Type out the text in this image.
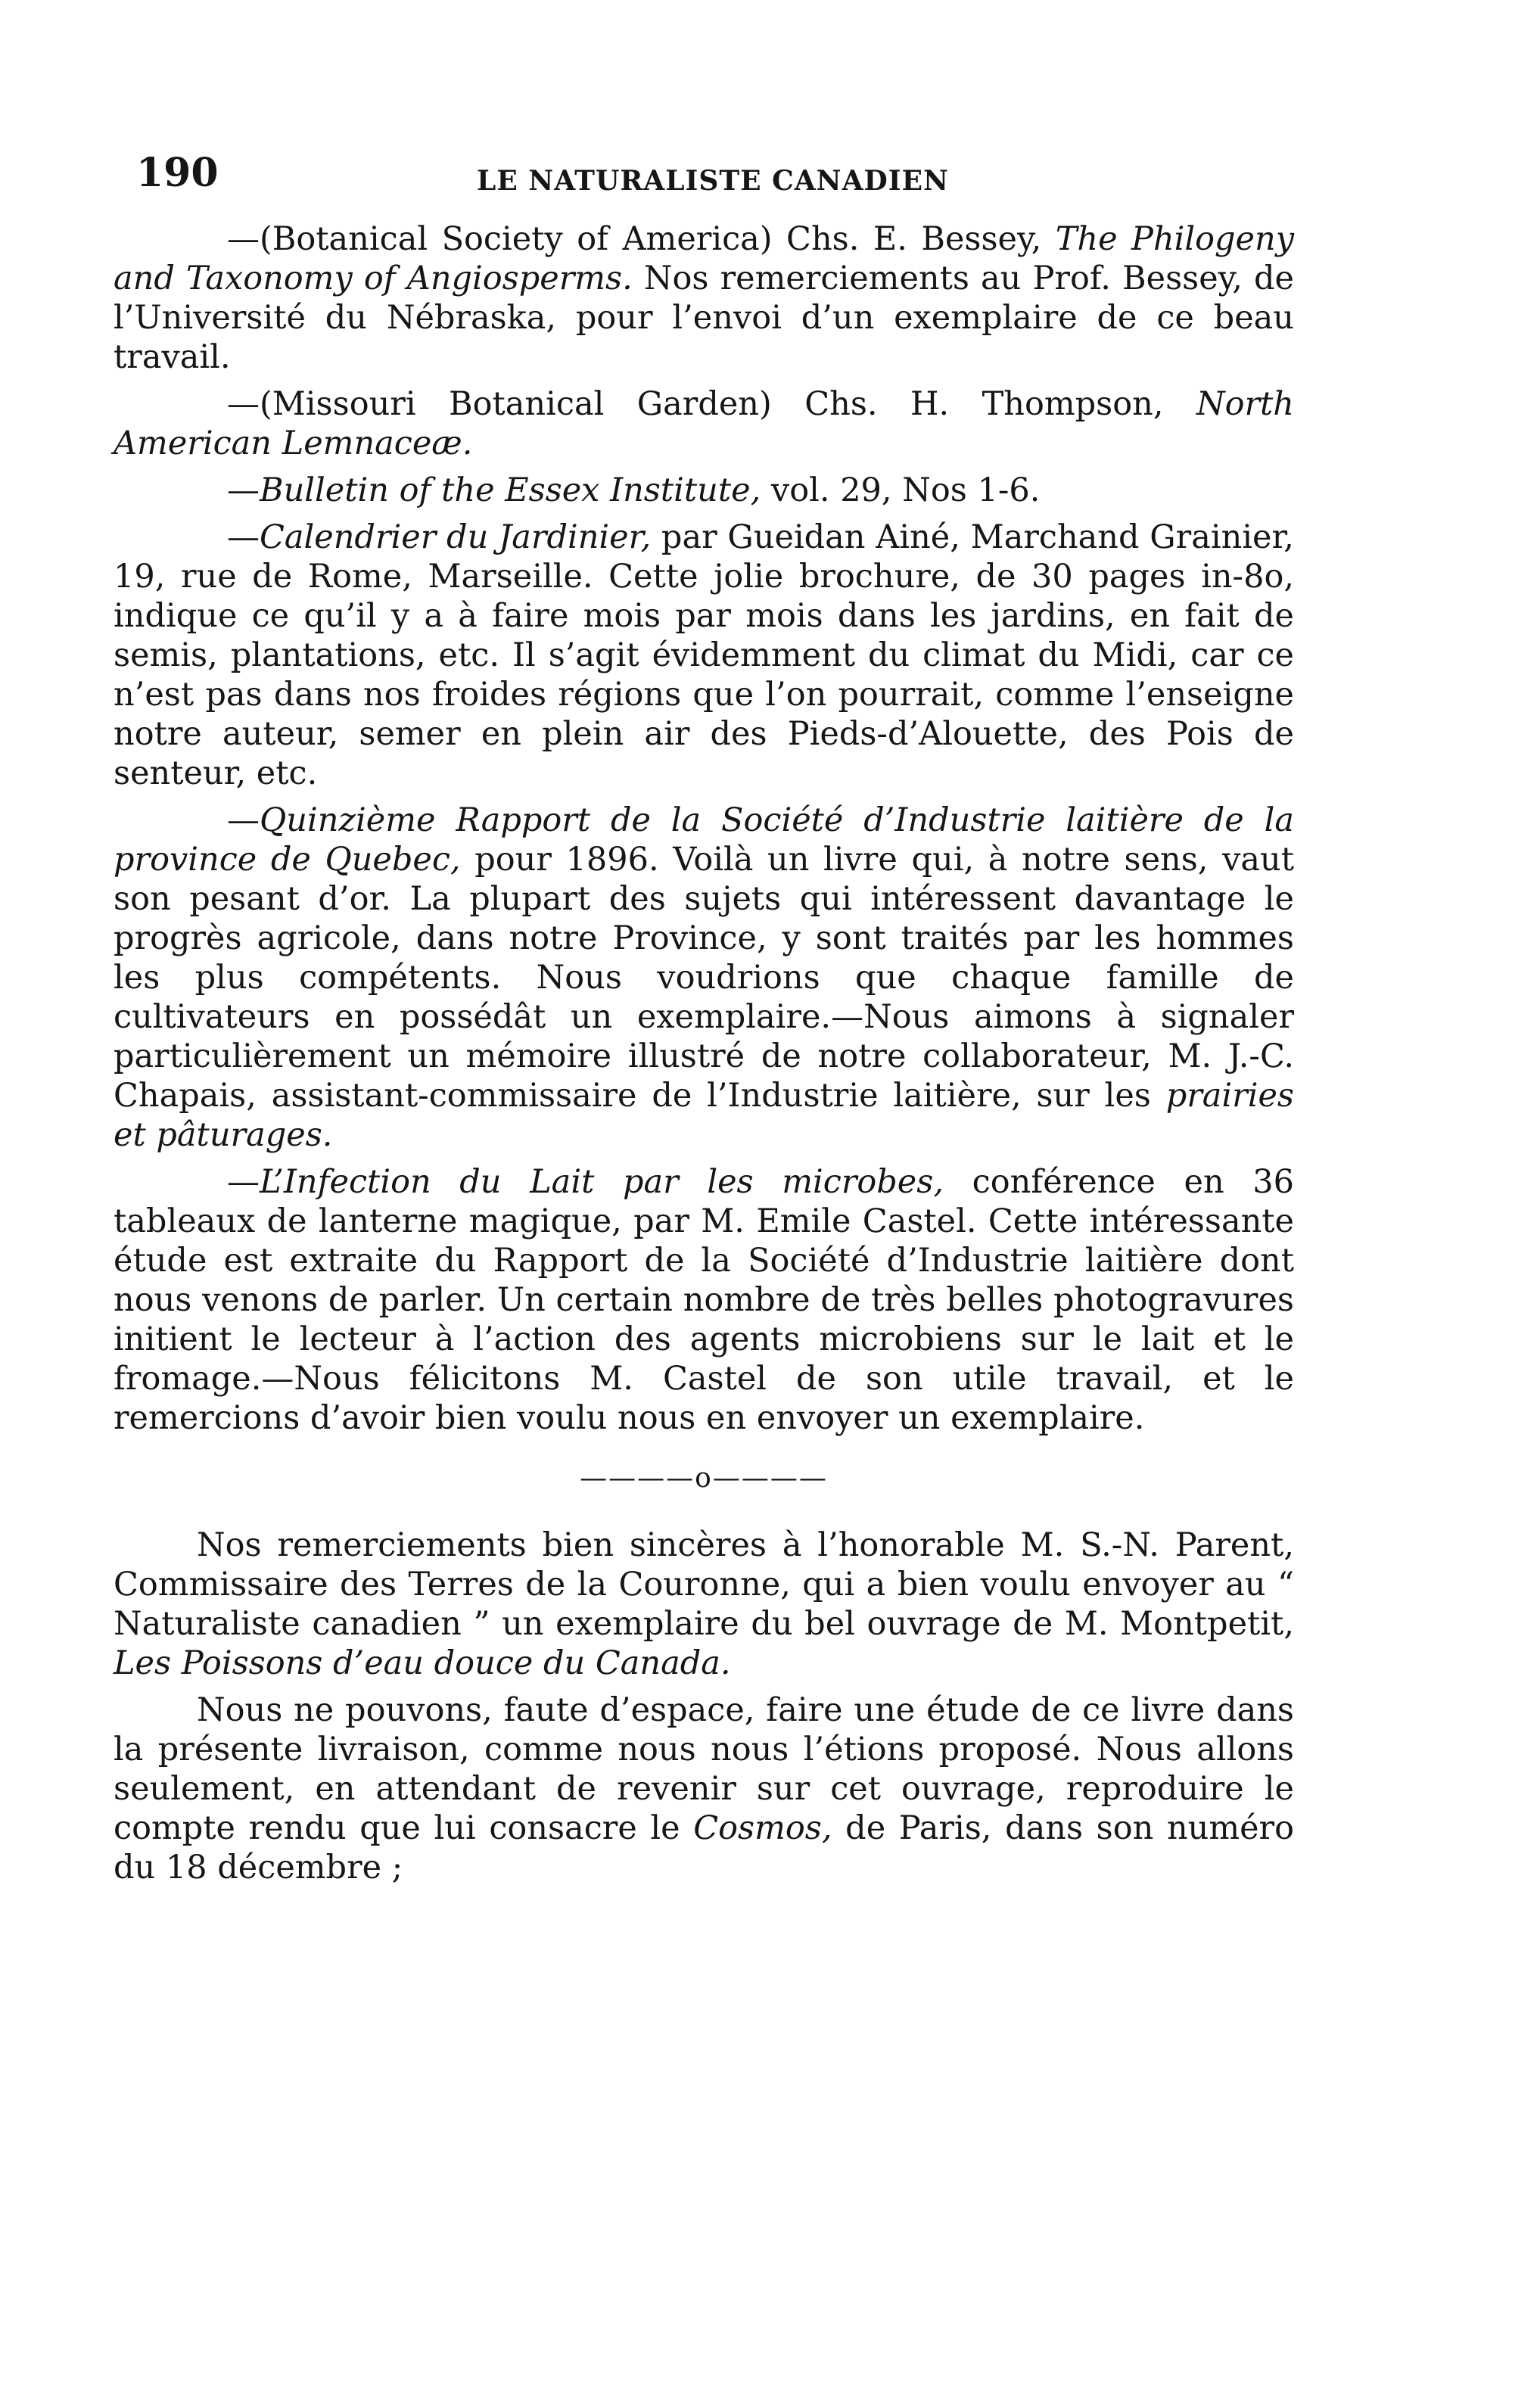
190	LE NATURALISTE CANADIEN

—(Botanical Society of America) Chs. E. Bessey, The Philogeny and Taxonomy of Angiosperms. Nos remerciements au Prof. Bessey, de l’Université du Nébraska, pour l’envoi d’un exemplaire de ce beau travail.

—(Missouri Botanical Garden) Chs. H. Thompson, North American Lemnaceæ.

—Bulletin of the Essex Institute, vol. 29, Nos 1-6.

—Calendrier du Jardinier, par Gueidan Ainé, Marchand Grainier, 19, rue de Rome, Marseille. Cette jolie brochure, de 30 pages in-8o, indique ce qu’il y a à faire mois par mois dans les jardins, en fait de semis, plantations, etc. Il s’agit évidemment du climat du Midi, car ce n’est pas dans nos froides régions que l’on pourrait, comme l’enseigne notre auteur, semer en plein air des Pieds-d’Alouette, des Pois de senteur, etc.

—Quinzième Rapport de la Société d’Industrie laitière de la province de Quebec, pour 1896. Voilà un livre qui, à notre sens, vaut son pesant d’or. La plupart des sujets qui intéressent davantage le progrès agricole, dans notre Province, y sont traités par les hommes les plus compétents. Nous voudrions que chaque famille de cultivateurs en possédât un exemplaire.—Nous aimons à signaler particulièrement un mémoire illustré de notre collaborateur, M. J.-C. Chapais, assistant-commissaire de l’Industrie laitière, sur les prairies et pâturages.

—L’Infection du Lait par les microbes, conférence en 36 tableaux de lanterne magique, par M. Emile Castel. Cette intéressante étude est extraite du Rapport de la Société d’Industrie laitière dont nous venons de parler. Un certain nombre de très belles photogravures initient le lecteur à l’action des agents microbiens sur le lait et le fromage.—Nous félicitons M. Castel de son utile travail, et le remercions d’avoir bien voulu nous en envoyer un exemplaire.

————o————

Nos remerciements bien sincères à l’honorable M. S.-N. Parent, Commissaire des Terres de la Couronne, qui a bien voulu envoyer au “ Naturaliste canadien ” un exemplaire du bel ouvrage de M. Montpetit, Les Poissons d’eau douce du Canada.

Nous ne pouvons, faute d’espace, faire une étude de ce livre dans la présente livraison, comme nous nous l’étions proposé. Nous allons seulement, en attendant de revenir sur cet ouvrage, reproduire le compte rendu que lui consacre le Cosmos, de Paris, dans son numéro du 18 décembre ;
